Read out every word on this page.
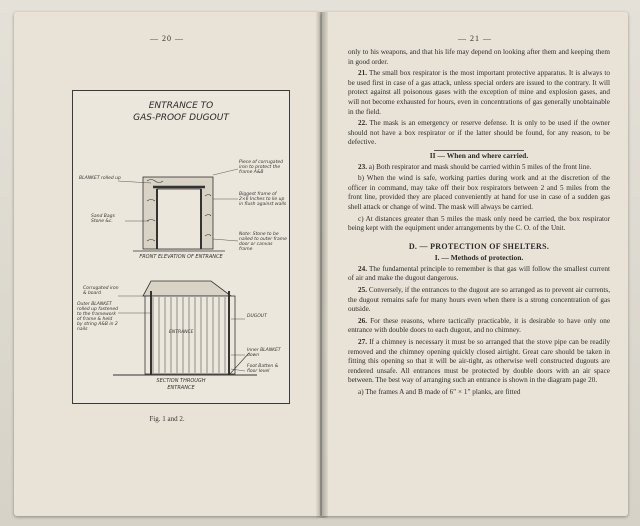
— 20 —
ENTRANCE TO
GAS-PROOF DUGOUT
BLANKET rolled up
Piece of corrugated iron to protect the frame A&B
Sand Bags Stone &c.
Biggest frame of 2×6 Inches to lie up in flush against walls
Note: Stone to be nailed to outer frame door or canvas frame
FRONT ELEVATION OF ENTRANCE
Corrugated iron & board
Outer BLANKET rolled up fastened to the framework of frame & held by string A&B in 2 nails
ENTRANCE
DUGOUT
Inner BLANKET down
Foot Batten & floor level
SECTION THROUGH
ENTRANCE
Fig. 1 and 2.
— 21 —

only to his weapons, and that his life may depend on looking after them and keeping them in good order.

21. The small box respirator is the most important protective apparatus. It is always to be used first in case of a gas attack, unless special orders are issued to the contrary. It will protect against all poisonous gases with the exception of mine and explosion gases, and will not become exhausted for hours, even in concentrations of gas generally unobtainable in the field.

22. The mask is an emergency or reserve defense. It is only to be used if the owner should not have a box respirator or if the latter should be found, for any reason, to be defective.

II — When and where carried.

23. a) Both respirator and mask should be carried within 5 miles of the front line.

b) When the wind is safe, working parties during work and at the discretion of the officer in command, may take off their box respirators between 2 and 5 miles from the front line, provided they are placed conveniently at hand for use in case of a sudden gas shell attack or change of wind. The mask will always be carried.

c) At distances greater than 5 miles the mask only need be carried, the box respirator being kept with the equipment under arrangements by the C. O. of the Unit.

D. — PROTECTION OF SHELTERS.

I. — Methods of protection.

24. The fundamental principle to remember is that gas will follow the smallest current of air and make the dugout dangerous.

25. Conversely, if the entrances to the dugout are so arranged as to prevent air currents, the dugout remains safe for many hours even when there is a strong concentration of gas outside.

26. For these reasons, where tactically practicable, it is desirable to have only one entrance with double doors to each dugout, and no chimney.

27. If a chimney is necessary it must be so arranged that the stove pipe can be readily removed and the chimney opening quickly closed airtight. Great care should be taken in fitting this opening so that it will be air-tight, as otherwise well constructed dugouts are rendered unsafe. All entrances must be protected by double doors with an air space between. The best way of arranging such an entrance is shown in the diagram page 20.

a) The frames A and B made of 6″ × 1″ planks, are fitted
